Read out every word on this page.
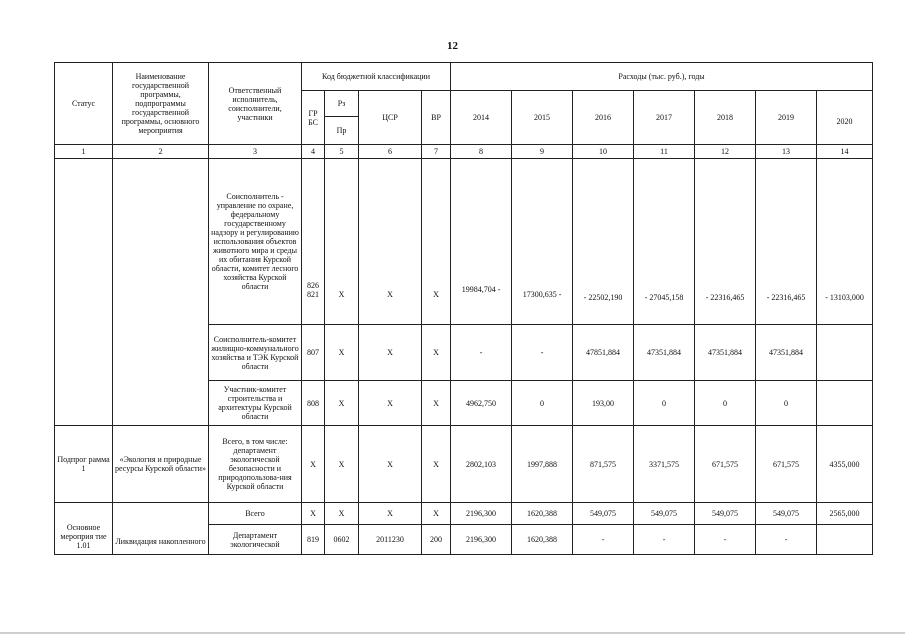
12
Статус	Наименование государственной программы, подпрограммы государственной программы, основного мероприятия	Ответственный исполнитель, соисполнители, участники	Код бюджетной классификации				Расходы (тыс. руб.), годы						
			ГР БС	Рз	ЦСР	ВР	2014	2015	2016	2017	2018	2019	2020
				Пр									
1	2	3	4	5	6	7	8	9	10	11	12	13	14
		Соисполнитель - управление по охране, федеральному государственному надзору и регулированию использования объектов животного мира и среды их обитания Курской области, комитет лесного хозяйства Курской области	826 821	Х	Х	Х	19984,704 -	17300,635 -	- 22502,190	- 27045,158	- 22316,465	- 22316,465	- 13103,000
		Соисполнитель-комитет жилищно-коммунального хозяйства и ТЭК Курской области	807	Х	Х	Х	-	-	47851,884	47351,884	47351,884	47351,884	
		Участник-комитет строительства и архитектуры Курской области	808	Х	Х	Х	4962,750	0	193,00	0	0	0	
Подпрог рамма 1	«Экология и природные ресурсы Курской области»	Всего, в том числе: департамент экологической безопасности и природопользова-ния Курской области	Х	Х	Х	Х	2802,103	1997,888	871,575	3371,575	671,575	671,575	4355,000
Основное мероприя тие 1.01	Ликвидация накопленного	Всего	Х	Х	Х	Х	2196,300	1620,388	549,075	549,075	549,075	549,075	2565,000
		Департамент экологической	819	0602	2011230	200	2196,300	1620,388	-	-	-	-	
